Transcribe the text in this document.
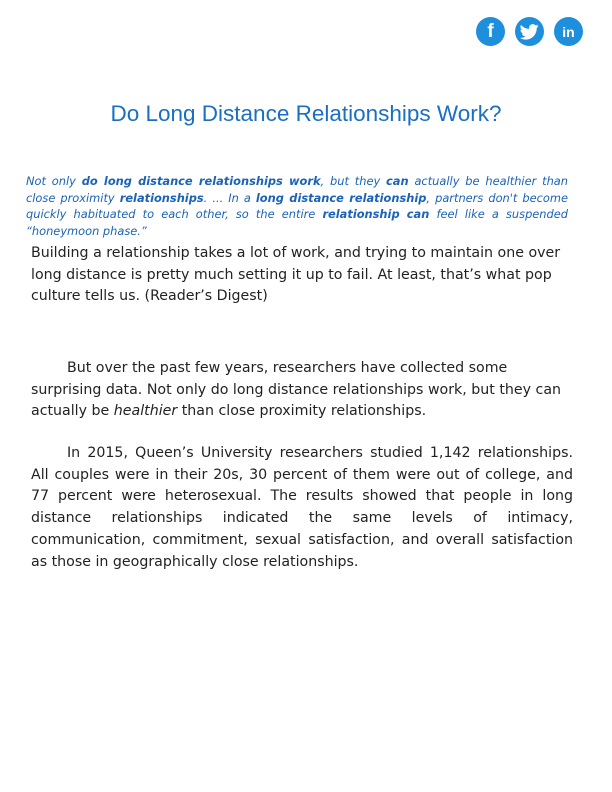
f	in
Do Long Distance Relationships Work?

Not only do long distance relationships work, but they can actually be healthier than close proximity relationships. ... In a long distance relationship, partners don't become quickly habituated to each other, so the entire relationship can feel like a suspended “honeymoon phase.”

Building a relationship takes a lot of work, and trying to maintain one over long distance is pretty much setting it up to fail. At least, that’s what pop culture tells us. (Reader’s Digest)

But over the past few years, researchers have collected some surprising data. Not only do long distance relationships work, but they can actually be healthier than close proximity relationships.

In 2015, Queen’s University researchers studied 1,142 relationships. All couples were in their 20s, 30 percent of them were out of college, and 77 percent were heterosexual. The results showed that people in long distance relationships indicated the same levels of intimacy, communication, commitment, sexual satisfaction, and overall satisfaction as those in geographically close relationships.
